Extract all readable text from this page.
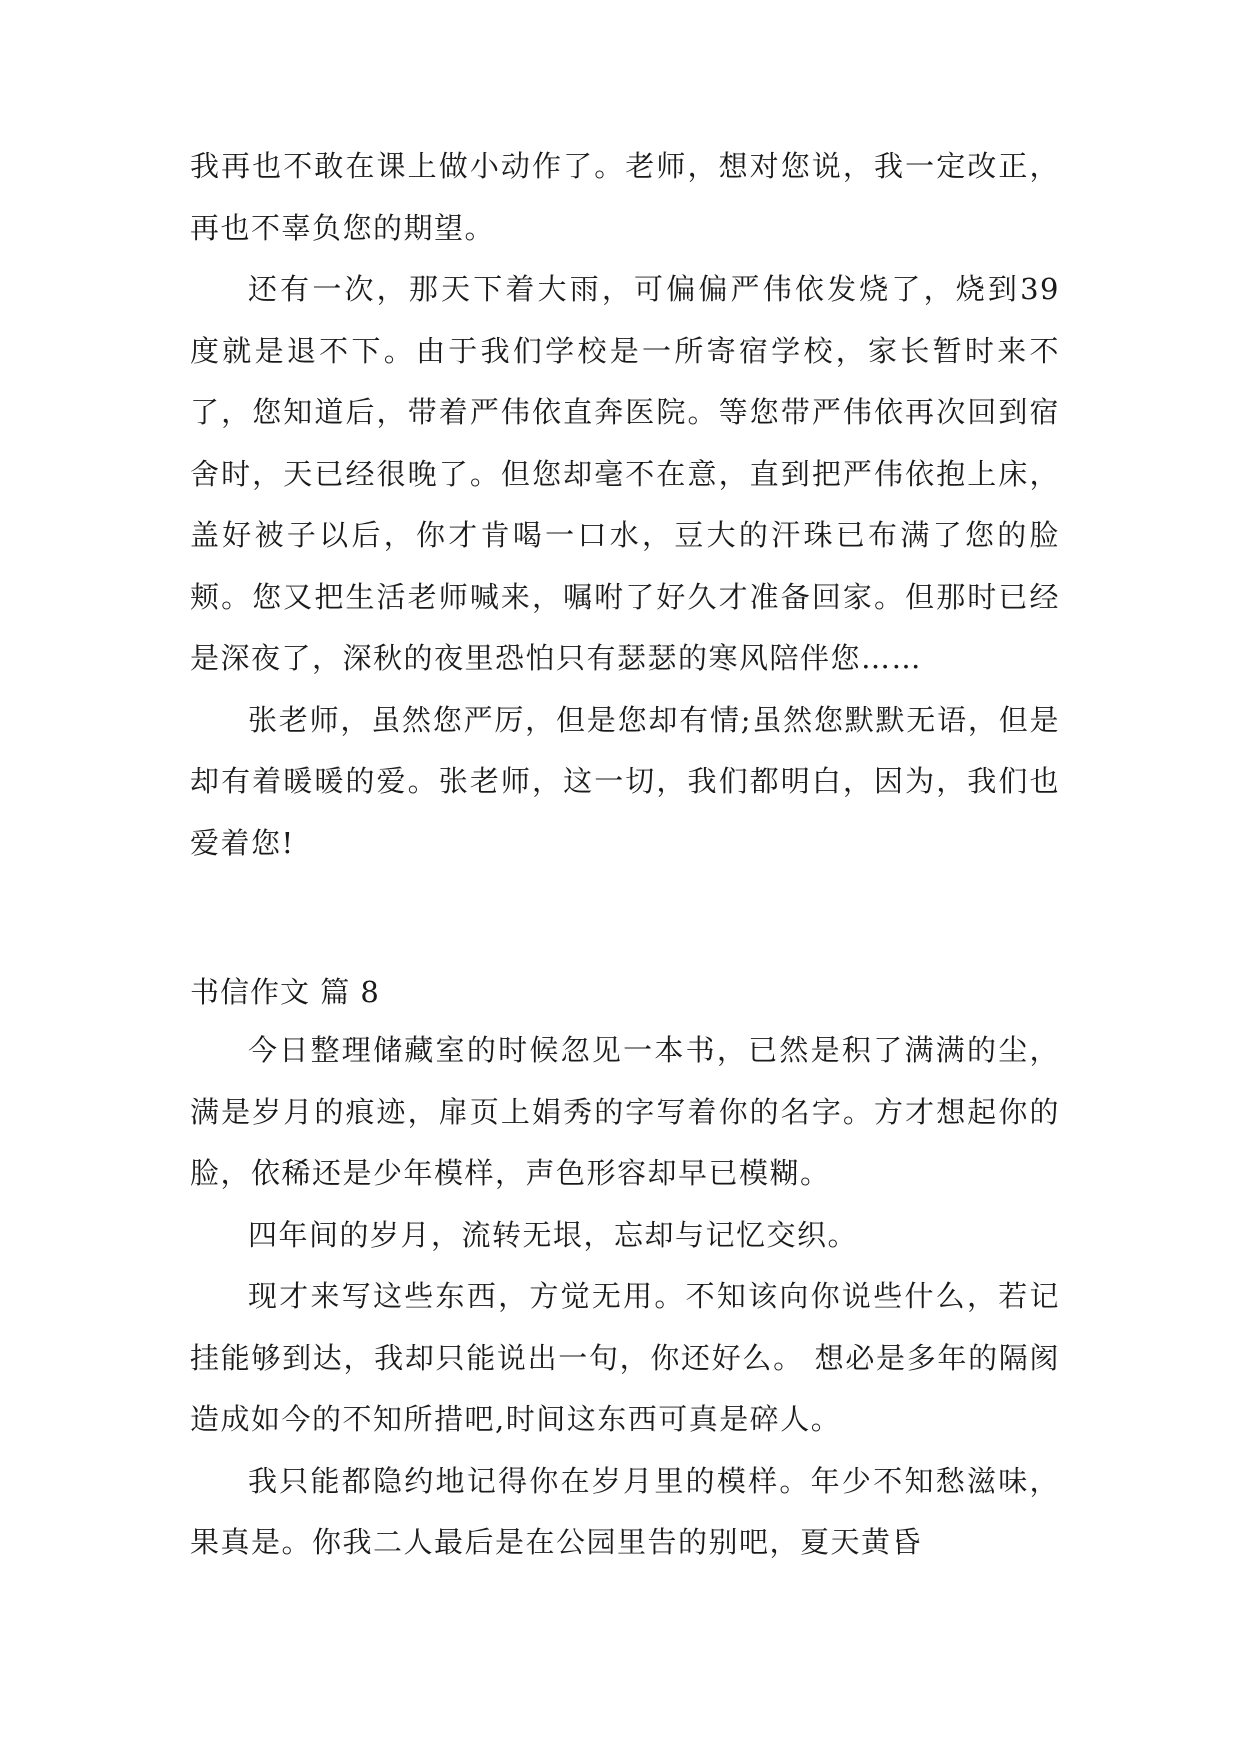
我再也不敢在课上做小动作了。老师，想对您说，我一定改正，再也不辜负您的期望。

还有一次，那天下着大雨，可偏偏严伟依发烧了，烧到39 度就是退不下。由于我们学校是一所寄宿学校，家长暂时来不了，您知道后，带着严伟依直奔医院。等您带严伟依再次回到宿舍时，天已经很晚了。但您却毫不在意，直到把严伟依抱上床，盖好被子以后，你才肯喝一口水，豆大的汗珠已布满了您的脸颊。您又把生活老师喊来，嘱咐了好久才准备回家。但那时已经是深夜了，深秋的夜里恐怕只有瑟瑟的寒风陪伴您……

张老师，虽然您严厉，但是您却有情;虽然您默默无语，但是却有着暖暖的爱。张老师，这一切，我们都明白，因为，我们也爱着您!

书信作文 篇 8

今日整理储藏室的时候忽见一本书，已然是积了满满的尘，满是岁月的痕迹，扉页上娟秀的字写着你的名字。方才想起你的脸，依稀还是少年模样，声色形容却早已模糊。

四年间的岁月，流转无垠，忘却与记忆交织。

现才来写这些东西，方觉无用。不知该向你说些什么，若记挂能够到达，我却只能说出一句，你还好么。 想必是多年的隔阂造成如今的不知所措吧,时间这东西可真是碎人。

我只能都隐约地记得你在岁月里的模样。年少不知愁滋味，果真是。你我二人最后是在公园里告的别吧，夏天黄昏
